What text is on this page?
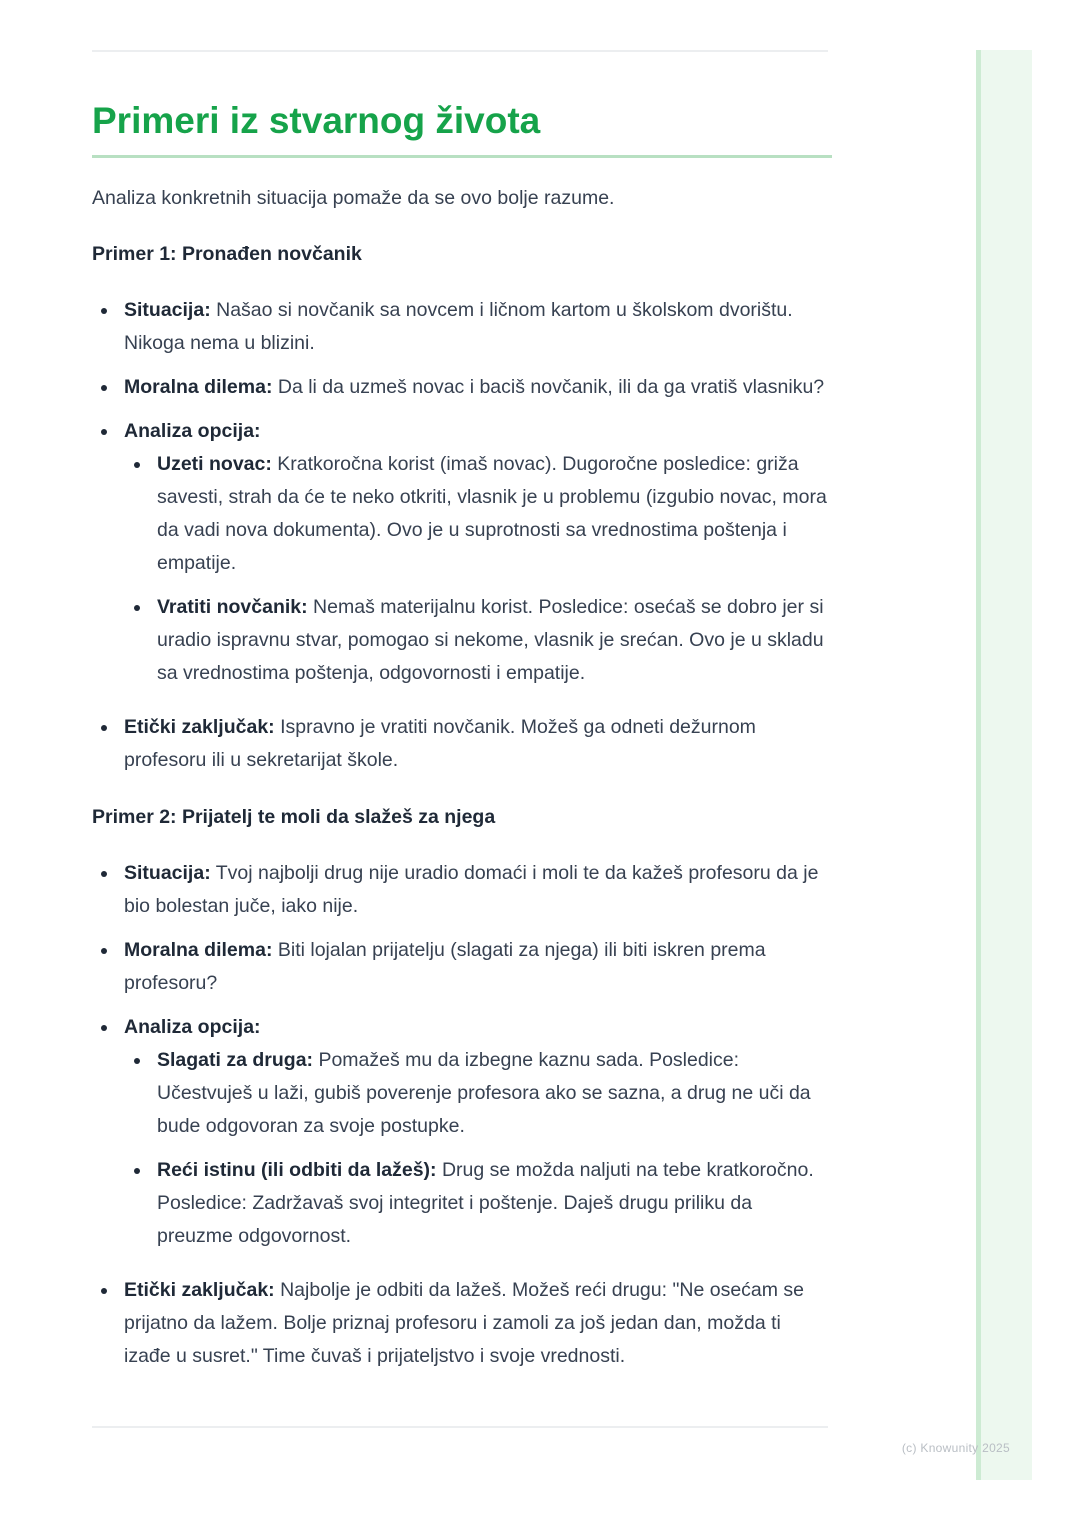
Primeri iz stvarnog života

Analiza konkretnih situacija pomaže da se ovo bolje razume.

Primer 1: Pronađen novčanik
Situacija: Našao si novčanik sa novcem i ličnom kartom u školskom dvorištu. Nikoga nema u blizini.
Moralna dilema: Da li da uzmeš novac i baciš novčanik, ili da ga vratiš vlasniku?
Analiza opcija:
Uzeti novac: Kratkoročna korist (imaš novac). Dugoročne posledice: griža savesti, strah da će te neko otkriti, vlasnik je u problemu (izgubio novac, mora da vadi nova dokumenta). Ovo je u suprotnosti sa vrednostima poštenja i empatije.
Vratiti novčanik: Nemaš materijalnu korist. Posledice: osećaš se dobro jer si uradio ispravnu stvar, pomogao si nekome, vlasnik je srećan. Ovo je u skladu sa vrednostima poštenja, odgovornosti i empatije.
Etički zaključak: Ispravno je vratiti novčanik. Možeš ga odneti dežurnom profesoru ili u sekretarijat škole.
Primer 2: Prijatelj te moli da slažeš za njega
Situacija: Tvoj najbolji drug nije uradio domaći i moli te da kažeš profesoru da je bio bolestan juče, iako nije.
Moralna dilema: Biti lojalan prijatelju (slagati za njega) ili biti iskren prema profesoru?
Analiza opcija:
Slagati za druga: Pomažeš mu da izbegne kaznu sada. Posledice: Učestvuješ u laži, gubiš poverenje profesora ako se sazna, a drug ne uči da bude odgovoran za svoje postupke.
Reći istinu (ili odbiti da lažeš): Drug se možda naljuti na tebe kratkoročno. Posledice: Zadržavaš svoj integritet i poštenje. Daješ drugu priliku da preuzme odgovornost.
Etički zaključak: Najbolje je odbiti da lažeš. Možeš reći drugu: "Ne osećam se prijatno da lažem. Bolje priznaj profesoru i zamoli za još jedan dan, možda ti izađe u susret." Time čuvaš i prijateljstvo i svoje vrednosti.
(c) Knowunity 2025
